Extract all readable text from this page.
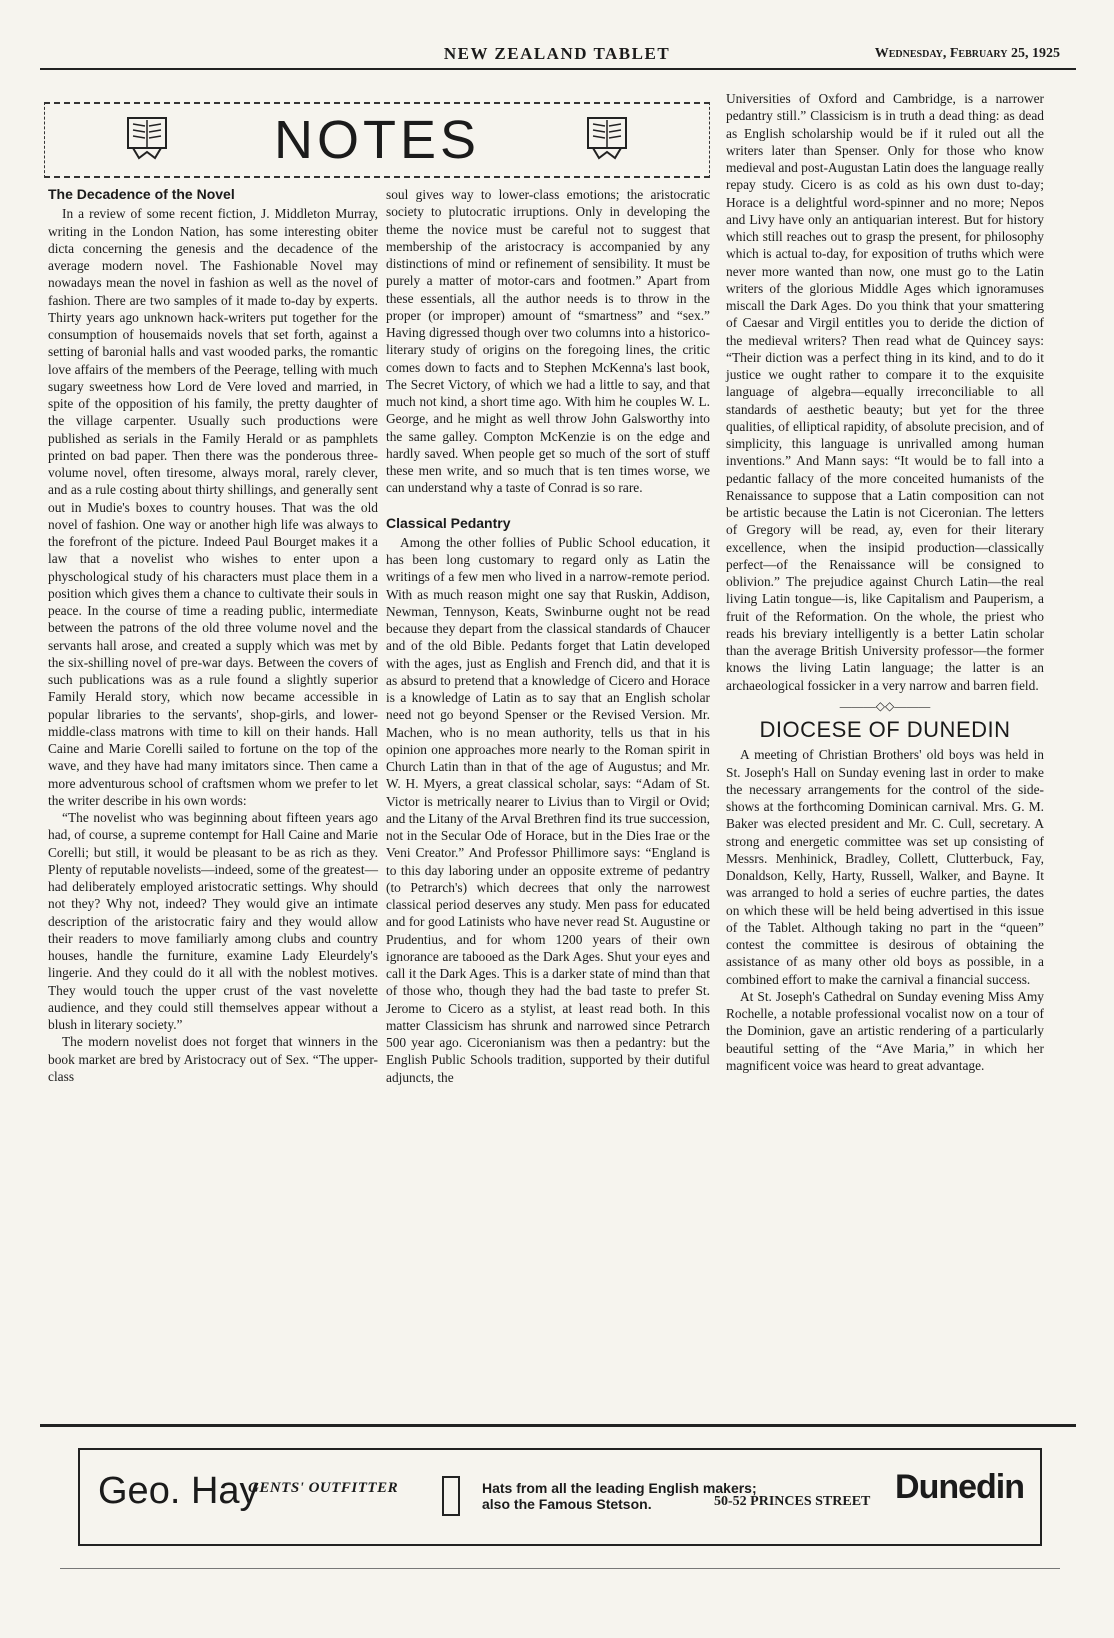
NEW ZEALAND TABLET	Wednesday, February 25, 1925
NOTES
The Decadence of the Novel

In a review of some recent fiction, J. Middleton Murray, writing in the London Nation, has some interesting obiter dicta concerning the genesis and the decadence of the average modern novel. The Fashionable Novel may nowadays mean the novel in fashion as well as the novel of fashion. There are two samples of it made to-day by experts. Thirty years ago unknown hack-writers put together for the consumption of housemaids novels that set forth, against a setting of baronial halls and vast wooded parks, the romantic love affairs of the members of the Peerage, telling with much sugary sweetness how Lord de Vere loved and married, in spite of the opposition of his family, the pretty daughter of the village carpenter. Usually such productions were published as serials in the Family Herald or as pamphlets printed on bad paper. Then there was the ponderous three-volume novel, often tiresome, always moral, rarely clever, and as a rule costing about thirty shillings, and generally sent out in Mudie's boxes to country houses. That was the old novel of fashion. One way or another high life was always to the forefront of the picture. Indeed Paul Bourget makes it a law that a novelist who wishes to enter upon a physchological study of his characters must place them in a position which gives them a chance to cultivate their souls in peace. In the course of time a reading public, intermediate between the patrons of the old three volume novel and the servants hall arose, and created a supply which was met by the six-shilling novel of pre-war days. Between the covers of such publications was as a rule found a slightly superior Family Herald story, which now became accessible in popular libraries to the servants', shop-girls, and lower-middle-class matrons with time to kill on their hands. Hall Caine and Marie Corelli sailed to fortune on the top of the wave, and they have had many imitators since. Then came a more adventurous school of craftsmen whom we prefer to let the writer describe in his own words:

“The novelist who was beginning about fifteen years ago had, of course, a supreme contempt for Hall Caine and Marie Corelli; but still, it would be pleasant to be as rich as they. Plenty of reputable novelists—indeed, some of the greatest—had deliberately employed aristocratic settings. Why should not they? Why not, indeed? They would give an intimate description of the aristocratic fairy and they would allow their readers to move familiarly among clubs and country houses, handle the furniture, examine Lady Eleurdely's lingerie. And they could do it all with the noblest motives. They would touch the upper crust of the vast novelette audience, and they could still themselves appear without a blush in literary society.”

The modern novelist does not forget that winners in the book market are bred by Aristocracy out of Sex. “The upper-class

soul gives way to lower-class emotions; the aristocratic society to plutocratic irruptions. Only in developing the theme the novice must be careful not to suggest that membership of the aristocracy is accompanied by any distinctions of mind or refinement of sensibility. It must be purely a matter of motor-cars and footmen.” Apart from these essentials, all the author needs is to throw in the proper (or improper) amount of “smartness” and “sex.” Having digressed though over two columns into a historico-literary study of origins on the foregoing lines, the critic comes down to facts and to Stephen McKenna's last book, The Secret Victory, of which we had a little to say, and that much not kind, a short time ago. With him he couples W. L. George, and he might as well throw John Galsworthy into the same galley. Compton McKenzie is on the edge and hardly saved. When people get so much of the sort of stuff these men write, and so much that is ten times worse, we can understand why a taste of Conrad is so rare.

Classical Pedantry

Among the other follies of Public School education, it has been long customary to regard only as Latin the writings of a few men who lived in a narrow-remote period. With as much reason might one say that Ruskin, Addison, Newman, Tennyson, Keats, Swinburne ought not be read because they depart from the classical standards of Chaucer and of the old Bible. Pedants forget that Latin developed with the ages, just as English and French did, and that it is as absurd to pretend that a knowledge of Cicero and Horace is a knowledge of Latin as to say that an English scholar need not go beyond Spenser or the Revised Version. Mr. Machen, who is no mean authority, tells us that in his opinion one approaches more nearly to the Roman spirit in Church Latin than in that of the age of Augustus; and Mr. W. H. Myers, a great classical scholar, says: “Adam of St. Victor is metrically nearer to Livius than to Virgil or Ovid; and the Litany of the Arval Brethren find its true succession, not in the Secular Ode of Horace, but in the Dies Irae or the Veni Creator.” And Professor Phillimore says: “England is to this day laboring under an opposite extreme of pedantry (to Petrarch's) which decrees that only the narrowest classical period deserves any study. Men pass for educated and for good Latinists who have never read St. Augustine or Prudentius, and for whom 1200 years of their own ignorance are tabooed as the Dark Ages. Shut your eyes and call it the Dark Ages. This is a darker state of mind than that of those who, though they had the bad taste to prefer St. Jerome to Cicero as a stylist, at least read both. In this matter Classicism has shrunk and narrowed since Petrarch 500 year ago. Ciceronianism was then a pedantry: but the English Public Schools tradition, supported by their dutiful adjuncts, the

Universities of Oxford and Cambridge, is a narrower pedantry still.” Classicism is in truth a dead thing: as dead as English scholarship would be if it ruled out all the writers later than Spenser. Only for those who know medieval and post-Augustan Latin does the language really repay study. Cicero is as cold as his own dust to-day; Horace is a delightful word-spinner and no more; Nepos and Livy have only an antiquarian interest. But for history which still reaches out to grasp the present, for philosophy which is actual to-day, for exposition of truths which were never more wanted than now, one must go to the Latin writers of the glorious Middle Ages which ignoramuses miscall the Dark Ages. Do you think that your smattering of Caesar and Virgil entitles you to deride the diction of the medieval writers? Then read what de Quincey says: “Their diction was a perfect thing in its kind, and to do it justice we ought rather to compare it to the exquisite language of algebra—equally irreconciliable to all standards of aesthetic beauty; but yet for the three qualities, of elliptical rapidity, of absolute precision, and of simplicity, this language is unrivalled among human inventions.” And Mann says: “It would be to fall into a pedantic fallacy of the more conceited humanists of the Renaissance to suppose that a Latin composition can not be artistic because the Latin is not Ciceronian. The letters of Gregory will be read, ay, even for their literary excellence, when the insipid production—classically perfect—of the Renaissance will be consigned to oblivion.” The prejudice against Church Latin—the real living Latin tongue—is, like Capitalism and Pauperism, a fruit of the Reformation. On the whole, the priest who reads his breviary intelligently is a better Latin scholar than the average British University professor—the former knows the living Latin language; the latter is an archaeological fossicker in a very narrow and barren field.

———◇◇———
DIOCESE OF DUNEDIN

A meeting of Christian Brothers' old boys was held in St. Joseph's Hall on Sunday evening last in order to make the necessary arrangements for the control of the side-shows at the forthcoming Dominican carnival. Mrs. G. M. Baker was elected president and Mr. C. Cull, secretary. A strong and energetic committee was set up consisting of Messrs. Menhinick, Bradley, Collett, Clutterbuck, Fay, Donaldson, Kelly, Harty, Russell, Walker, and Bayne. It was arranged to hold a series of euchre parties, the dates on which these will be held being advertised in this issue of the Tablet. Although taking no part in the “queen” contest the committee is desirous of obtaining the assistance of as many other old boys as possible, in a combined effort to make the carnival a financial success.

At St. Joseph's Cathedral on Sunday evening Miss Amy Rochelle, a notable professional vocalist now on a tour of the Dominion, gave an artistic rendering of a particularly beautiful setting of the “Ave Maria,” in which her magnificent voice was heard to great advantage.

Geo. Hay
GENTS' OUTFITTER	Hats from all the leading English makers;
also the Famous Stetson.	50-52 PRINCES STREET Dunedin
